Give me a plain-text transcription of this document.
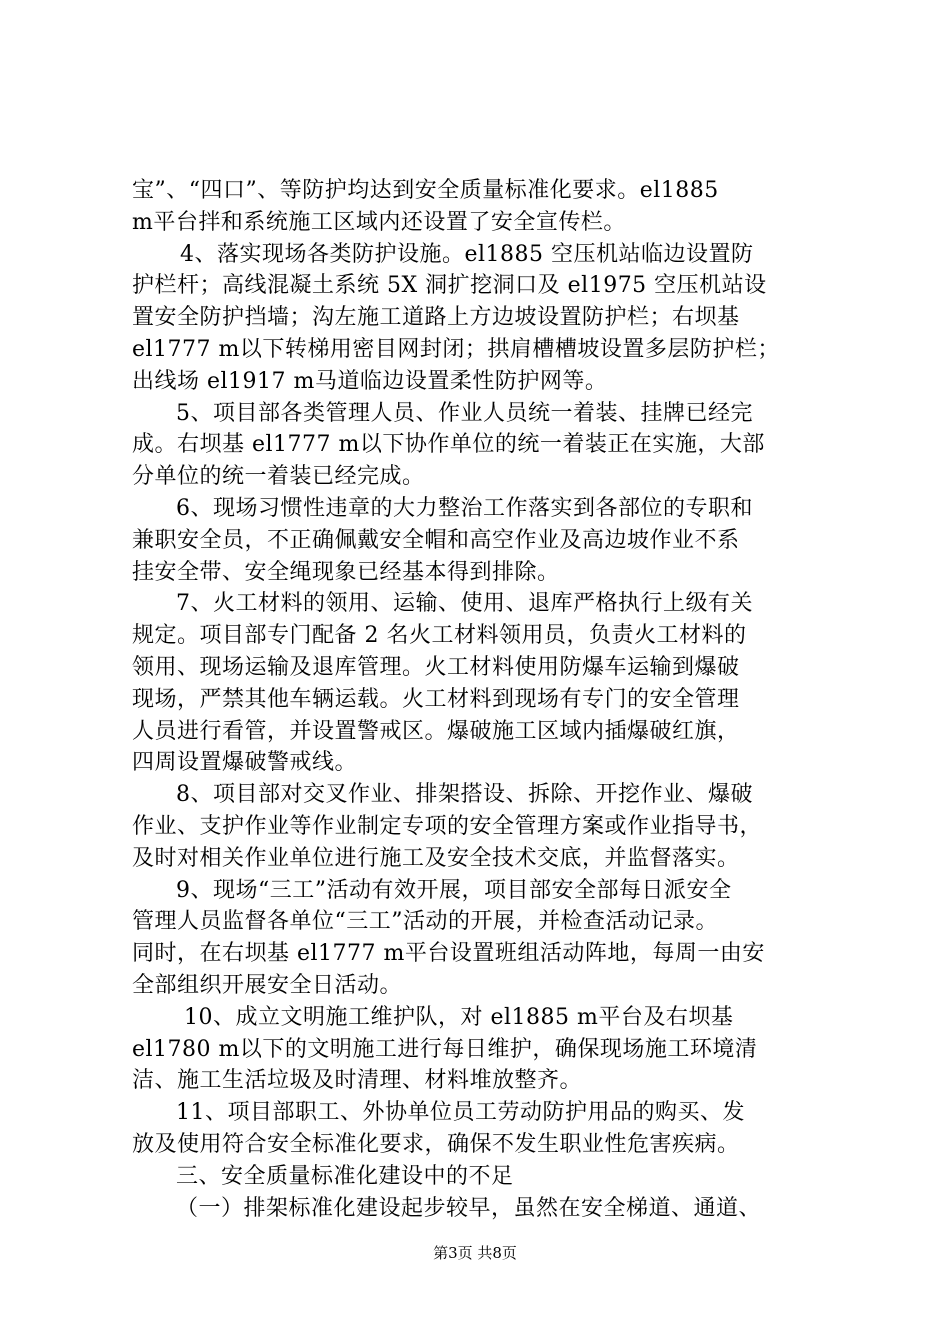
宝”、“四口”、等防护均达到安全质量标准化要求。el1885
m平台拌和系统施工区域内还设置了安全宣传栏。
4、落实现场各类防护设施。el1885 空压机站临边设置防
护栏杆；高线混凝土系统 5X 洞扩挖洞口及 el1975 空压机站设
置安全防护挡墙；沟左施工道路上方边坡设置防护栏；右坝基
el1777 m以下转梯用密目网封闭；拱肩槽槽坡设置多层防护栏；
出线场 el1917 m马道临边设置柔性防护网等。
5、项目部各类管理人员、作业人员统一着装、挂牌已经完
成。右坝基 el1777 m以下协作单位的统一着装正在实施，大部
分单位的统一着装已经完成。
6、现场习惯性违章的大力整治工作落实到各部位的专职和
兼职安全员，不正确佩戴安全帽和高空作业及高边坡作业不系
挂安全带、安全绳现象已经基本得到排除。
7、火工材料的领用、运输、使用、退库严格执行上级有关
规定。项目部专门配备 2 名火工材料领用员，负责火工材料的
领用、现场运输及退库管理。火工材料使用防爆车运输到爆破
现场，严禁其他车辆运载。火工材料到现场有专门的安全管理
人员进行看管，并设置警戒区。爆破施工区域内插爆破红旗，
四周设置爆破警戒线。
8、项目部对交叉作业、排架搭设、拆除、开挖作业、爆破
作业、支护作业等作业制定专项的安全管理方案或作业指导书，
及时对相关作业单位进行施工及安全技术交底，并监督落实。
9、现场“三工”活动有效开展，项目部安全部每日派安全
管理人员监督各单位“三工”活动的开展，并检查活动记录。
同时，在右坝基 el1777 m平台设置班组活动阵地，每周一由安
全部组织开展安全日活动。
10、成立文明施工维护队，对 el1885 m平台及右坝基
el1780 m以下的文明施工进行每日维护，确保现场施工环境清
洁、施工生活垃圾及时清理、材料堆放整齐。
11、项目部职工、外协单位员工劳动防护用品的购买、发
放及使用符合安全标准化要求，确保不发生职业性危害疾病。
三、安全质量标准化建设中的不足
（一）排架标准化建设起步较早，虽然在安全梯道、通道、
第3页 共8页
